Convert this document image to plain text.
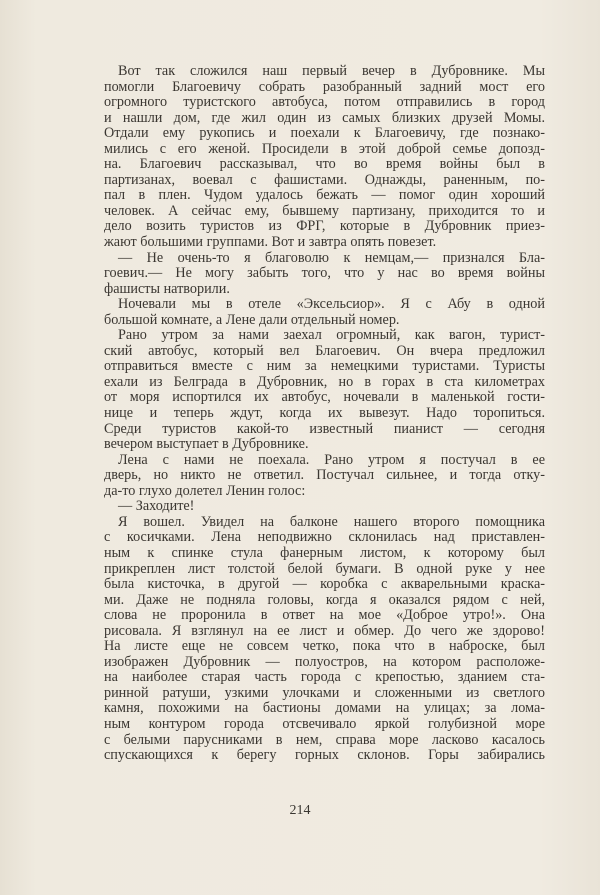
Вот так сложился наш первый вечер в Дубровнике. Мы
помогли Благоевичу собрать разобранный задний мост его
огромного туристского автобуса, потом отправились в город
и нашли дом, где жил один из самых близких друзей Момы.
Отдали ему рукопись и поехали к Благоевичу, где познако-
мились с его женой. Просидели в этой доброй семье допозд-
на. Благоевич рассказывал, что во время войны был в
партизанах, воевал с фашистами. Однажды, раненным, по-
пал в плен. Чудом удалось бежать — помог один хороший
человек. А сейчас ему, бывшему партизану, приходится то и
дело возить туристов из ФРГ, которые в Дубровник приез-
жают большими группами. Вот и завтра опять повезет.
— Не очень-то я благоволю к немцам,— признался Бла-
гоевич.— Не могу забыть того, что у нас во время войны
фашисты натворили.
Ночевали мы в отеле «Эксельсиор». Я с Абу в одной
большой комнате, а Лене дали отдельный номер.
Рано утром за нами заехал огромный, как вагон, турист-
ский автобус, который вел Благоевич. Он вчера предложил
отправиться вместе с ним за немецкими туристами. Туристы
ехали из Белграда в Дубровник, но в горах в ста километрах
от моря испортился их автобус, ночевали в маленькой гости-
нице и теперь ждут, когда их вывезут. Надо торопиться.
Среди туристов какой-то известный пианист — сегодня
вечером выступает в Дубровнике.
Лена с нами не поехала. Рано утром я постучал в ее
дверь, но никто не ответил. Постучал сильнее, и тогда отку-
да-то глухо долетел Ленин голос:
— Заходите!
Я вошел. Увидел на балконе нашего второго помощника
с косичками. Лена неподвижно склонилась над приставлен-
ным к спинке стула фанерным листом, к которому был
прикреплен лист толстой белой бумаги. В одной руке у нее
была кисточка, в другой — коробка с акварельными краска-
ми. Даже не подняла головы, когда я оказался рядом с ней,
слова не проронила в ответ на мое «Доброе утро!». Она
рисовала. Я взглянул на ее лист и обмер. До чего же здорово!
На листе еще не совсем четко, пока что в наброске, был
изображен Дубровник — полуостров, на котором расположе-
на наиболее старая часть города с крепостью, зданием ста-
ринной ратуши, узкими улочками и сложенными из светлого
камня, похожими на бастионы домами на улицах; за лома-
ным контуром города отсвечивало яркой голубизной море
с белыми парусниками в нем, справа море ласково касалось
спускающихся к берегу горных склонов. Горы забирались
214
